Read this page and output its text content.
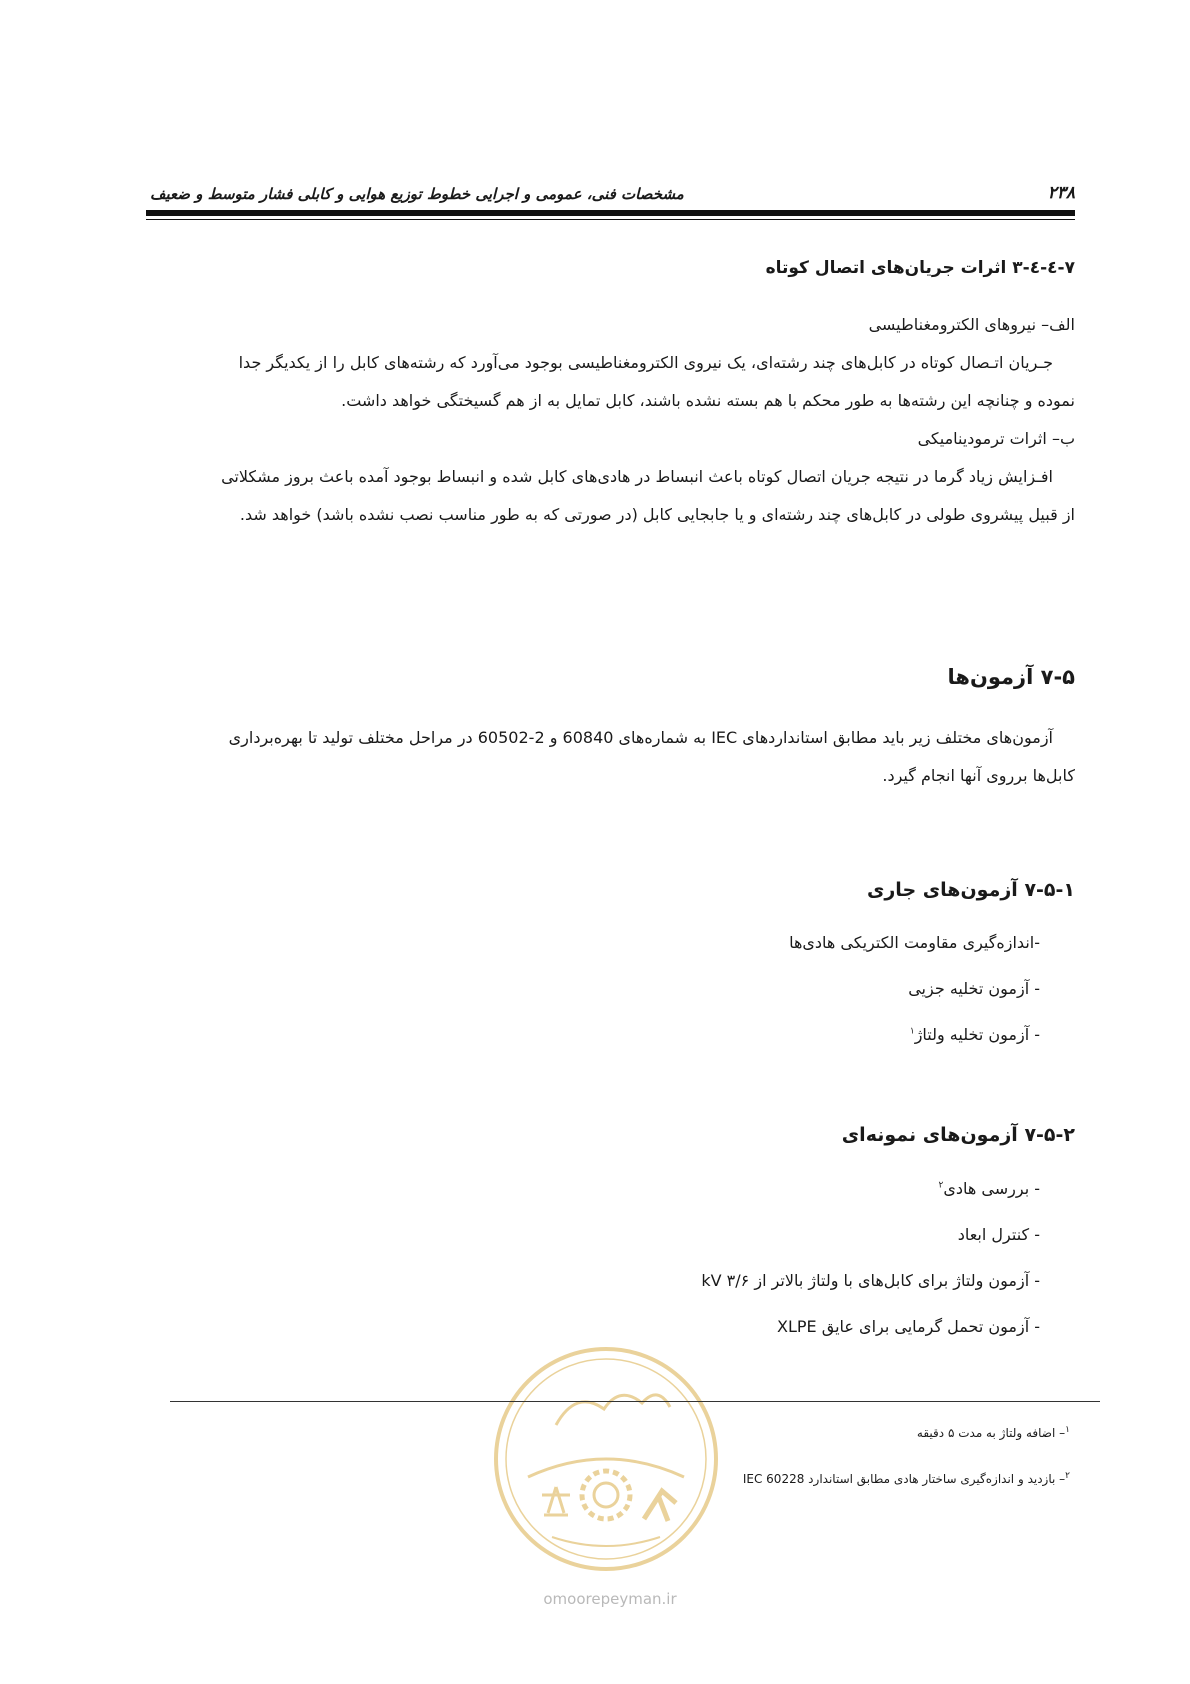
۲۳۸
مشخصات فنی، عمومی و اجرایی خطوط توزیع هوایی و کابلی فشار متوسط و ضعیف
۷-٤-٤-۳ اثرات جریان‌های اتصال کوتاه
الف– نیروهای الکترومغناطیسی
جـریان اتـصال کوتاه در کابل‌های چند رشته‌ای، یک نیروی الکترومغناطیسی بوجود می‌آورد که رشته‌های کابل را از یکدیگر جدا
نموده و چنانچه این رشته‌ها به طور محکم با هم بسته نشده باشند، کابل تمایل به از هم گسیختگی خواهد داشت.
ب– اثرات ترمودینامیکی
افـزایش زیاد گرما در نتیجه جریان اتصال کوتاه باعث انبساط در هادی‌های کابل شده و انبساط بوجود آمده باعث بروز مشکلاتی
از قبیل پیشروی طولی در کابل‌های چند رشته‌ای و یا جابجایی کابل (در صورتی که به طور مناسب نصب نشده باشد) خواهد شد.
۷-۵ آزمون‌ها
آزمون‌های مختلف زیر باید مطابق استانداردهای IEC به شماره‌های 60840 و 2-60502 در مراحل مختلف تولید تا بهره‌برداری
کابل‌ها برروی آنها انجام گیرد.
۷-۵-۱ آزمون‌های جاری
-اندازه‌گیری مقاومت الکتریکی هادی‌ها
- آزمون تخلیه جزیی
- آزمون تخلیه ولتاژ$^۱$
۷-۵-۲ آزمون‌های نمونه‌ای
- بررسی هادی$^۲$
- کنترل ابعاد
- آزمون ولتاژ برای کابل‌های با ولتاژ بالاتر از ۳/۶ kV
- آزمون تحمل گرمایی برای عایق XLPE
omoorepeyman.ir
$^۱$– اضافه ولتاژ به مدت ۵ دقیقه
$^۲$– بازدید و اندازه‌گیری ساختار هادی مطابق استاندارد IEC 60228
